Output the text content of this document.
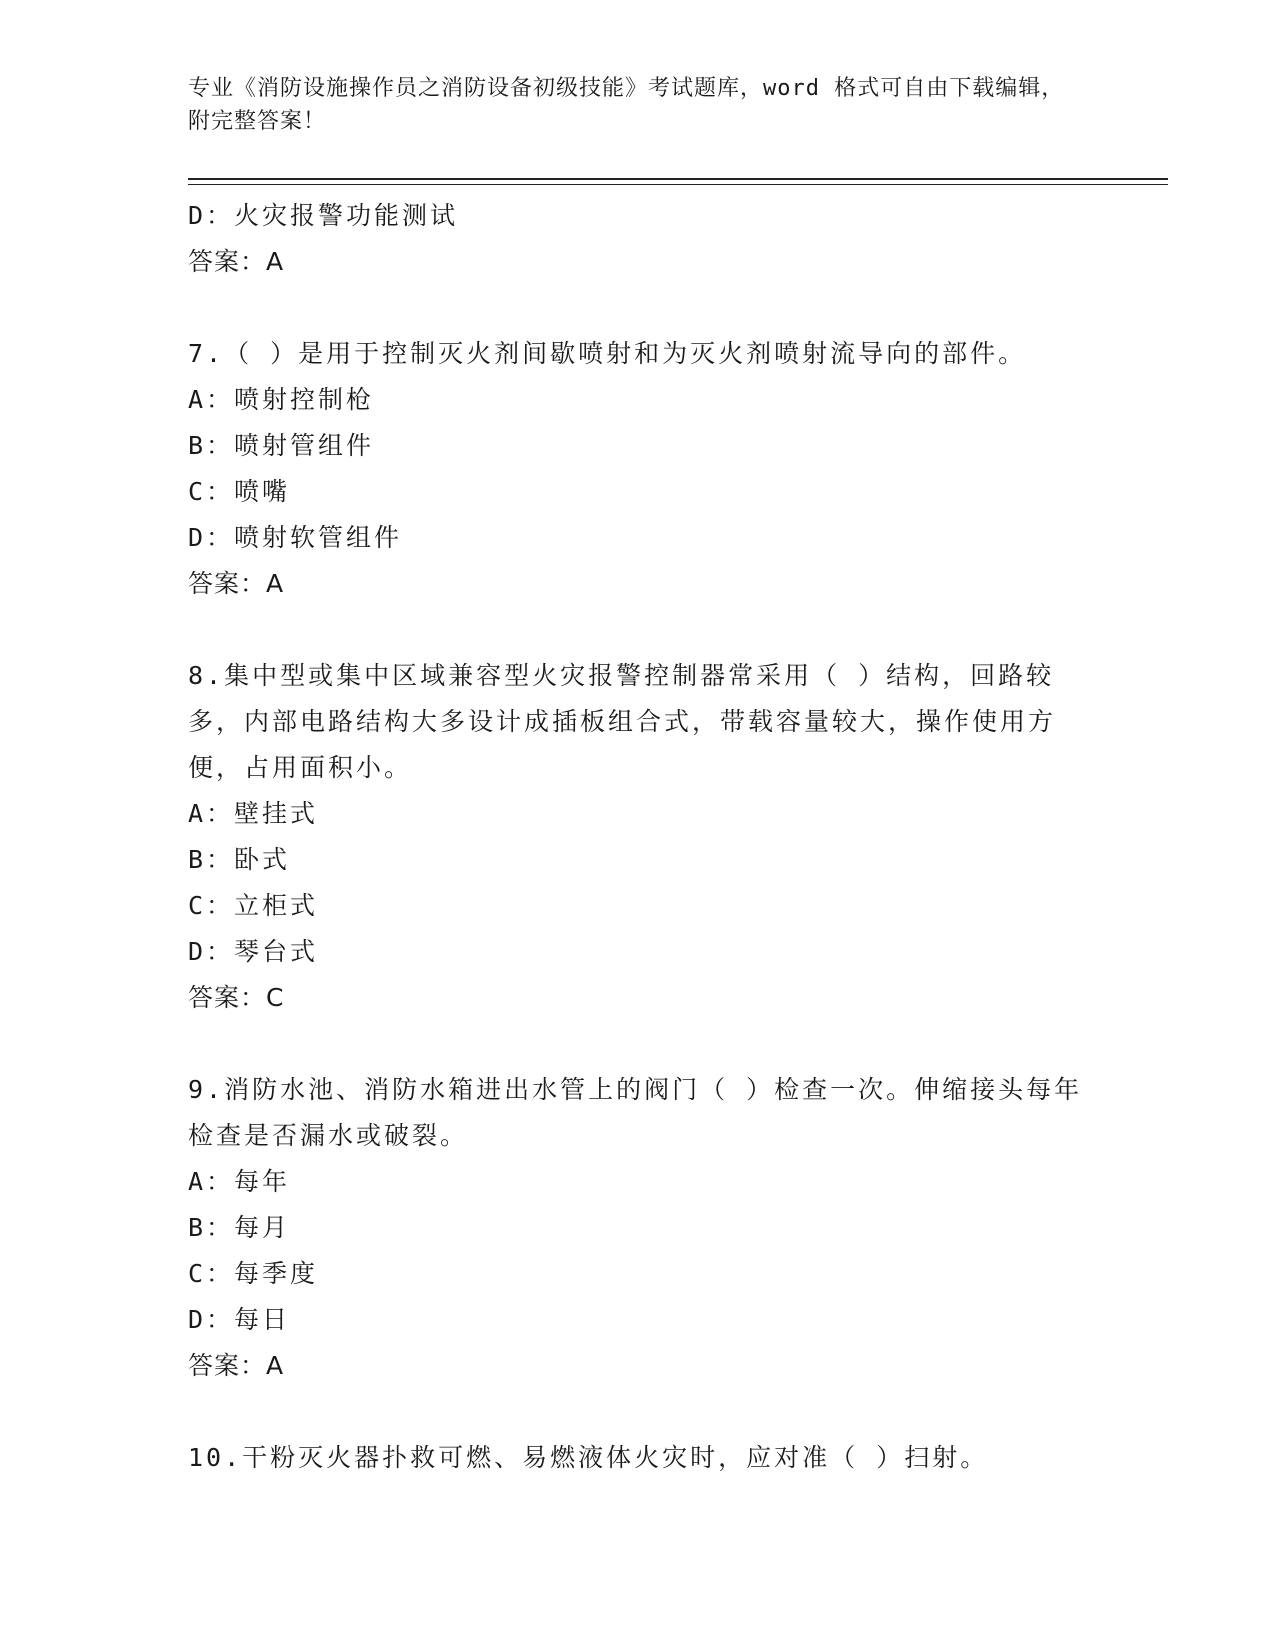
专业《消防设施操作员之消防设备初级技能》考试题库，word 格式可自由下载编辑，附完整答案！
D：火灾报警功能测试
答案：A
7.（ ）是用于控制灭火剂间歇喷射和为灭火剂喷射流导向的部件。
A：喷射控制枪
B：喷射管组件
C：喷嘴
D：喷射软管组件
答案：A
8.集中型或集中区域兼容型火灾报警控制器常采用（ ）结构，回路较多，内部电路结构大多设计成插板组合式，带载容量较大，操作使用方便，占用面积小。
A：壁挂式
B：卧式
C：立柜式
D：琴台式
答案：C
9.消防水池、消防水箱进出水管上的阀门（ ）检查一次。伸缩接头每年检查是否漏水或破裂。
A：每年
B：每月
C：每季度
D：每日
答案：A
10.干粉灭火器扑救可燃、易燃液体火灾时，应对准（ ）扫射。
